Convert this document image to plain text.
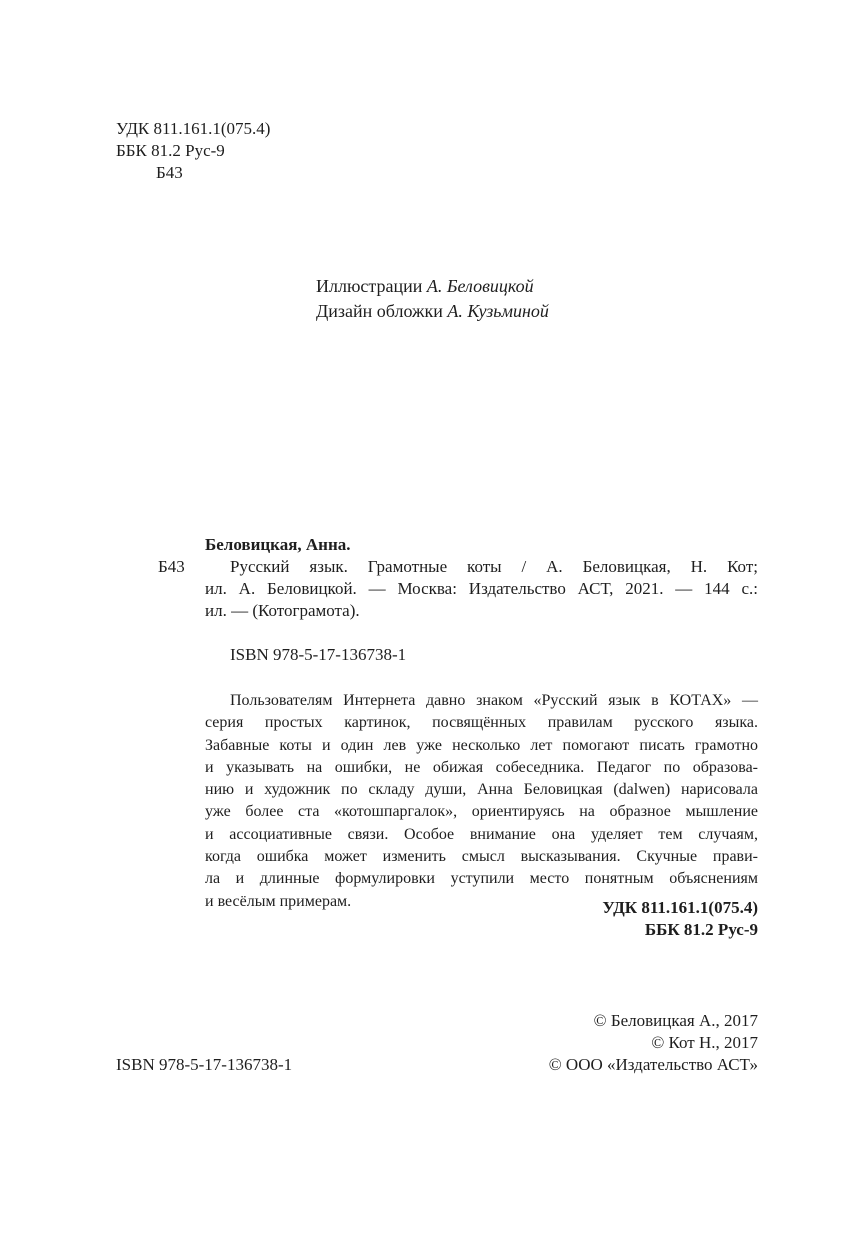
УДК 811.161.1(075.4)
ББК 81.2 Рус-9
Б43
Иллюстрации А. Беловицкой
Дизайн обложки А. Кузьминой
Беловицкая, Анна.
Б43	Русский язык. Грамотные коты / А. Беловицкая, Н. Кот;
ил. А. Беловицкой. — Москва: Издательство АСТ, 2021. — 144 с.:
ил. — (Котограмота).
ISBN 978-5-17-136738-1
Пользователям Интернета давно знаком «Русский язык в КОТАХ» —
серия простых картинок, посвящённых правилам русского языка.
Забавные коты и один лев уже несколько лет помогают писать грамотно
и указывать на ошибки, не обижая собеседника. Педагог по образова-
нию и художник по складу души, Анна Беловицкая (dalwen) нарисовала
уже более ста «котошпаргалок», ориентируясь на образное мышление
и ассоциативные связи. Особое внимание она уделяет тем случаям,
когда ошибка может изменить смысл высказывания. Скучные прави-
ла и длинные формулировки уступили место понятным объяснениям
и весёлым примерам.	УДК 811.161.1(075.4)
ББК 81.2 Рус-9
© Беловицкая А., 2017
© Кот Н., 2017
© ООО «Издательство АСТ»
ISBN 978-5-17-136738-1
